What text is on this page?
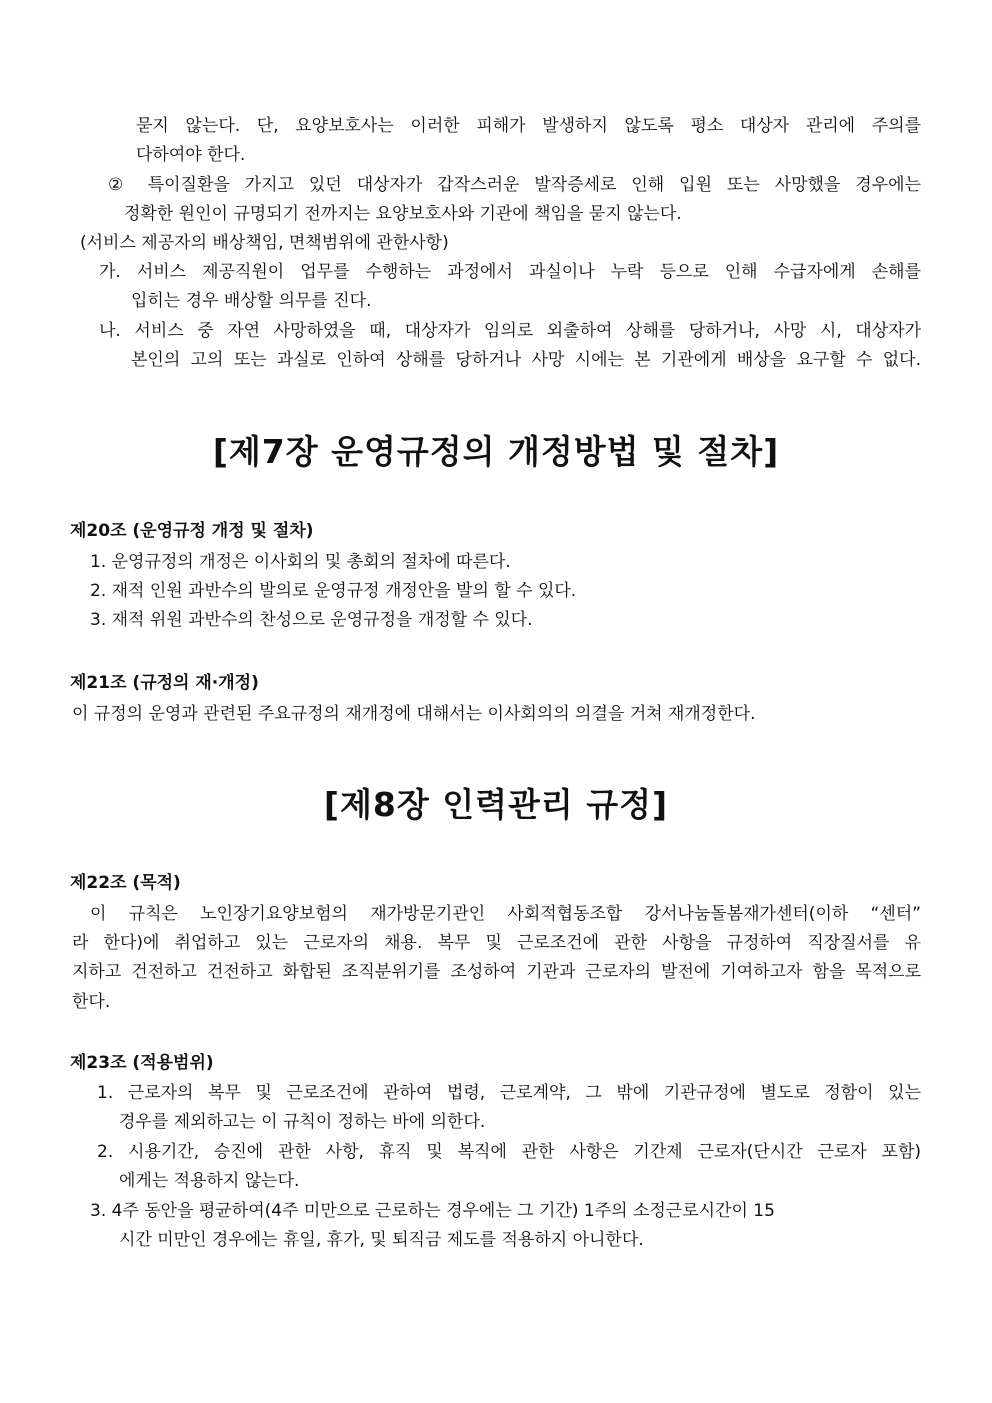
묻지 않는다. 단, 요양보호사는 이러한 피해가 발생하지 않도록 평소 대상자 관리에 주의를
다하여야 한다.
② 특이질환을 가지고 있던 대상자가 갑작스러운 발작증세로 인해 입원 또는 사망했을 경우에는
정확한 원인이 규명되기 전까지는 요양보호사와 기관에 책임을 묻지 않는다.
(서비스 제공자의 배상책임, 면책범위에 관한사항)
가. 서비스 제공직원이 업무를 수행하는 과정에서 과실이나 누락 등으로 인해 수급자에게 손해를
입히는 경우 배상할 의무를 진다.
나. 서비스 중 자연 사망하였을 때, 대상자가 임의로 외출하여 상해를 당하거나, 사망 시, 대상자가
본인의 고의 또는 과실로 인하여 상해를 당하거나 사망 시에는 본 기관에게 배상을 요구할 수 없다.
[제7장 운영규정의 개정방법 및 절차]
제20조 (운영규정 개정 및 절차)
1. 운영규정의 개정은 이사회의 및 총회의 절차에 따른다.
2. 재적 인원 과반수의 발의로 운영규정 개정안을 발의 할 수 있다.
3. 재적 위원 과반수의 찬성으로 운영규정을 개정할 수 있다.
제21조 (규정의 재·개정)
이 규정의 운영과 관련된 주요규정의 재개정에 대해서는 이사회의의 의결을 거쳐 재개정한다.
[제8장 인력관리 규정]
제22조 (목적)
이 규칙은 노인장기요양보험의 재가방문기관인 사회적협동조합 강서나눔돌봄재가센터(이하 “센터”
라 한다)에 취업하고 있는 근로자의 채용. 복무 및 근로조건에 관한 사항을 규정하여 직장질서를 유
지하고 건전하고 건전하고 화합된 조직분위기를 조성하여 기관과 근로자의 발전에 기여하고자 함을 목적으로
한다.
제23조 (적용범위)
1. 근로자의 복무 및 근로조건에 관하여 법령, 근로계약, 그 밖에 기관규정에 별도로 정함이 있는
경우를 제외하고는 이 규칙이 정하는 바에 의한다.
2. 시용기간, 승진에 관한 사항, 휴직 및 복직에 관한 사항은 기간제 근로자(단시간 근로자 포함)
에게는 적용하지 않는다.
3. 4주 동안을 평균하여(4주 미만으로 근로하는 경우에는 그 기간) 1주의 소정근로시간이 15
시간 미만인 경우에는 휴일, 휴가, 및 퇴직금 제도를 적용하지 아니한다.
